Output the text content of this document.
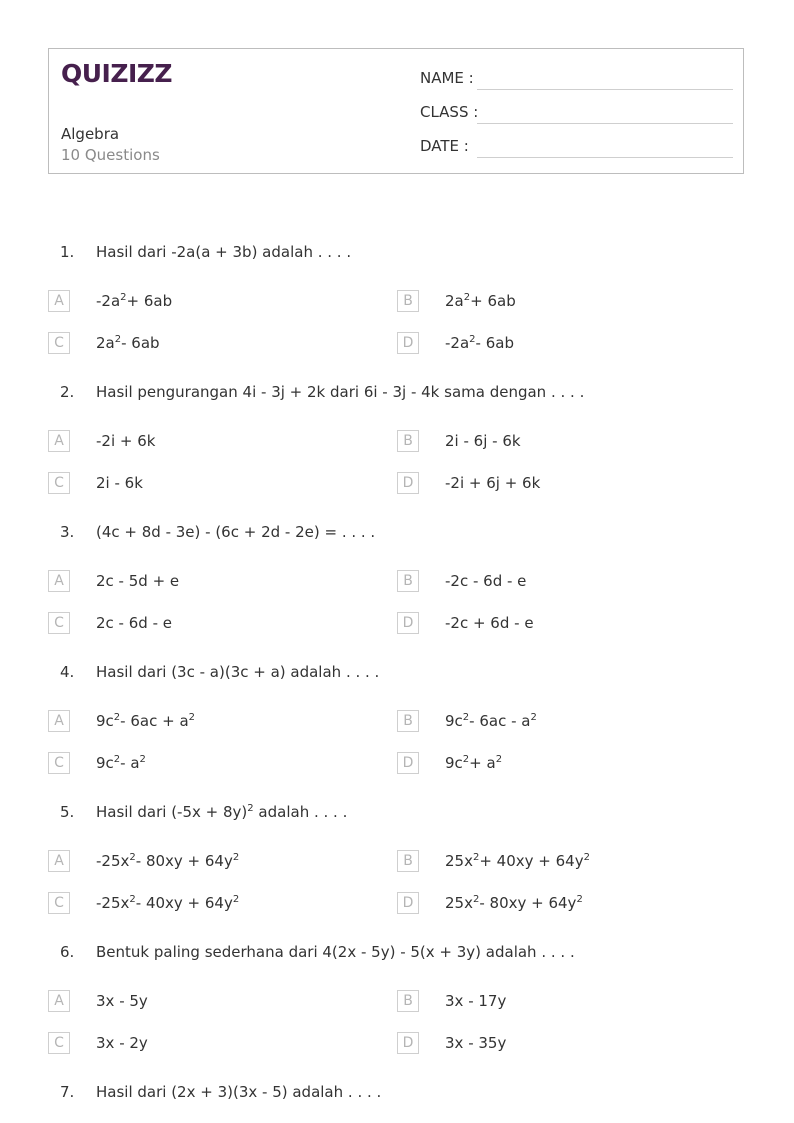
QUIZIZZ
Algebra
10 Questions
NAME :
CLASS :
DATE :
1. Hasil dari -2a(a + 3b) adalah . . . .
A	$-2a^2+ 6ab$	B	$2a^2+ 6ab$
C	$2a^2-$ 6ab	D	$-2a^2-$ 6ab
2. Hasil pengurangan 4i - 3j + 2k dari 6i - 3j - 4k sama dengan . . . .
A	-2i + 6k	B	2i - 6j - 6k
C	2i - 6k	D	-2i + 6j + 6k
3. (4c + 8d - 3e) - (6c + 2d - 2e) = . . . .
A	2c - 5d + e	B	-2c - 6d - e
C	2c - 6d - e	D	-2c + 6d - e
4. Hasil dari (3c - a)(3c + a) adalah . . . .
A	$9c^2-$ $6ac + a^2$	B	$9c^2-$ $6ac - a^2$
C	$9c^2-$ $a^2$	D	$9c^2+ a^2$
5. Hasil dari $(-5x + 8y)^2$ adalah . . . .
A	$-25x^2-$ $80xy + 64y^2$	B	$25x^2+ 40xy + 64y^2$
C	$-25x^2-$ $40xy + 64y^2$	D	$25x^2-$ $80xy + 64y^2$
6. Bentuk paling sederhana dari 4(2x - 5y) - 5(x + 3y) adalah . . . .
A	3x - 5y	B	3x - 17y
C	3x - 2y	D	3x - 35y
7. Hasil dari (2x + 3)(3x - 5) adalah . . . .
